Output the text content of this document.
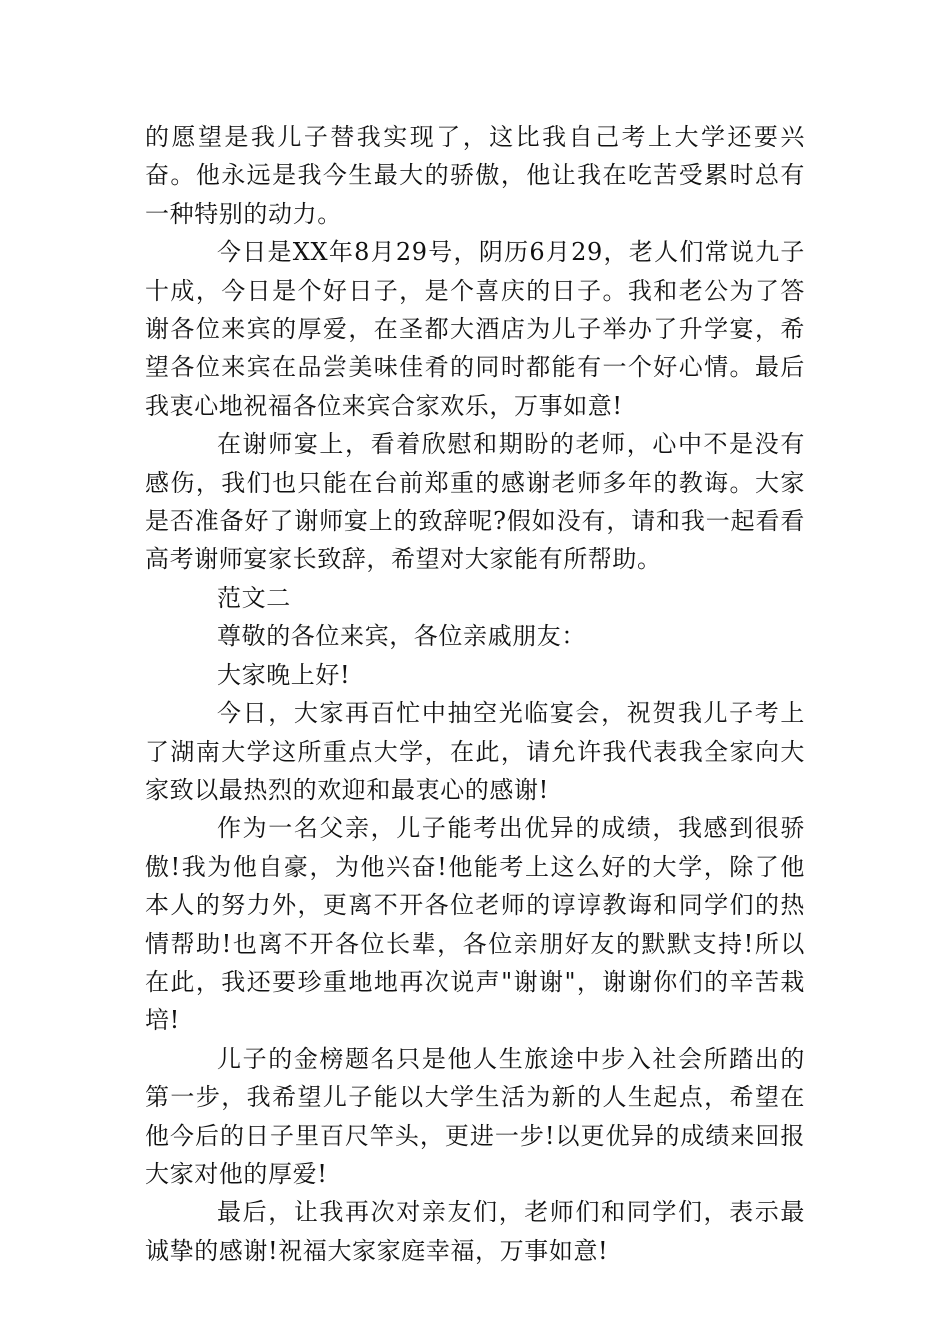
的愿望是我儿子替我实现了，这比我自己考上大学还要兴奋。他永远是我今生最大的骄傲，他让我在吃苦受累时总有一种特别的动力。

今日是XX年8月29号，阴历6月29，老人们常说九子十成，今日是个好日子，是个喜庆的日子。我和老公为了答谢各位来宾的厚爱，在圣都大酒店为儿子举办了升学宴，希望各位来宾在品尝美味佳肴的同时都能有一个好心情。最后我衷心地祝福各位来宾合家欢乐，万事如意!

在谢师宴上，看着欣慰和期盼的老师，心中不是没有感伤，我们也只能在台前郑重的感谢老师多年的教诲。大家是否准备好了谢师宴上的致辞呢?假如没有，请和我一起看看高考谢师宴家长致辞，希望对大家能有所帮助。

范文二

尊敬的各位来宾，各位亲戚朋友：

大家晚上好!

今日，大家再百忙中抽空光临宴会，祝贺我儿子考上了湖南大学这所重点大学，在此，请允许我代表我全家向大家致以最热烈的欢迎和最衷心的感谢!

作为一名父亲，儿子能考出优异的成绩，我感到很骄傲!我为他自豪，为他兴奋!他能考上这么好的大学，除了他本人的努力外，更离不开各位老师的谆谆教诲和同学们的热情帮助!也离不开各位长辈，各位亲朋好友的默默支持!所以在此，我还要珍重地地再次说声"谢谢"，谢谢你们的辛苦栽培!

儿子的金榜题名只是他人生旅途中步入社会所踏出的第一步，我希望儿子能以大学生活为新的人生起点，希望在他今后的日子里百尺竿头，更进一步!以更优异的成绩来回报大家对他的厚爱!

最后，让我再次对亲友们，老师们和同学们，表示最诚挚的感谢!祝福大家家庭幸福，万事如意!
